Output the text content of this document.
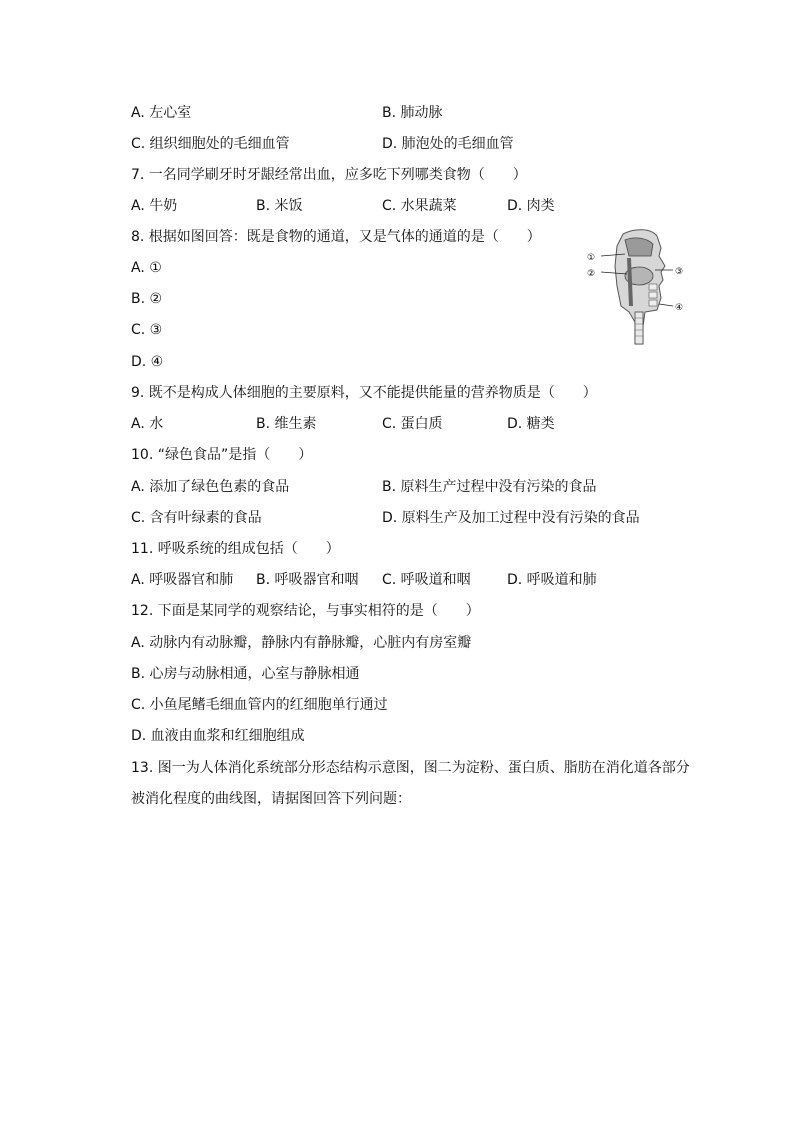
A. 左心室	B. 肺动脉
C. 组织细胞处的毛细血管	D. 肺泡处的毛细血管
7. 一名同学刷牙时牙龈经常出血，应多吃下列哪类食物（　　）
A. 牛奶	B. 米饭	C. 水果蔬菜	D. 肉类
8. 根据如图回答：既是食物的通道，又是气体的通道的是（　　）
A. ①
B. ②
C. ③
D. ④
①
②	③
④
9. 既不是构成人体细胞的主要原料，又不能提供能量的营养物质是（　　）
A. 水	B. 维生素	C. 蛋白质	D. 糖类
10. “绿色食品”是指（　　）
A. 添加了绿色色素的食品	B. 原料生产过程中没有污染的食品
C. 含有叶绿素的食品	D. 原料生产及加工过程中没有污染的食品
11. 呼吸系统的组成包括（　　）
A. 呼吸器官和肺 B. 呼吸器官和咽 C. 呼吸道和咽	D. 呼吸道和肺
12. 下面是某同学的观察结论，与事实相符的是（　　）
A. 动脉内有动脉瓣，静脉内有静脉瓣，心脏内有房室瓣
B. 心房与动脉相通，心室与静脉相通
C. 小鱼尾鳍毛细血管内的红细胞单行通过
D. 血液由血浆和红细胞组成
13. 图一为人体消化系统部分形态结构示意图，图二为淀粉、蛋白质、脂肪在消化道各部分
被消化程度的曲线图，请据图回答下列问题：
